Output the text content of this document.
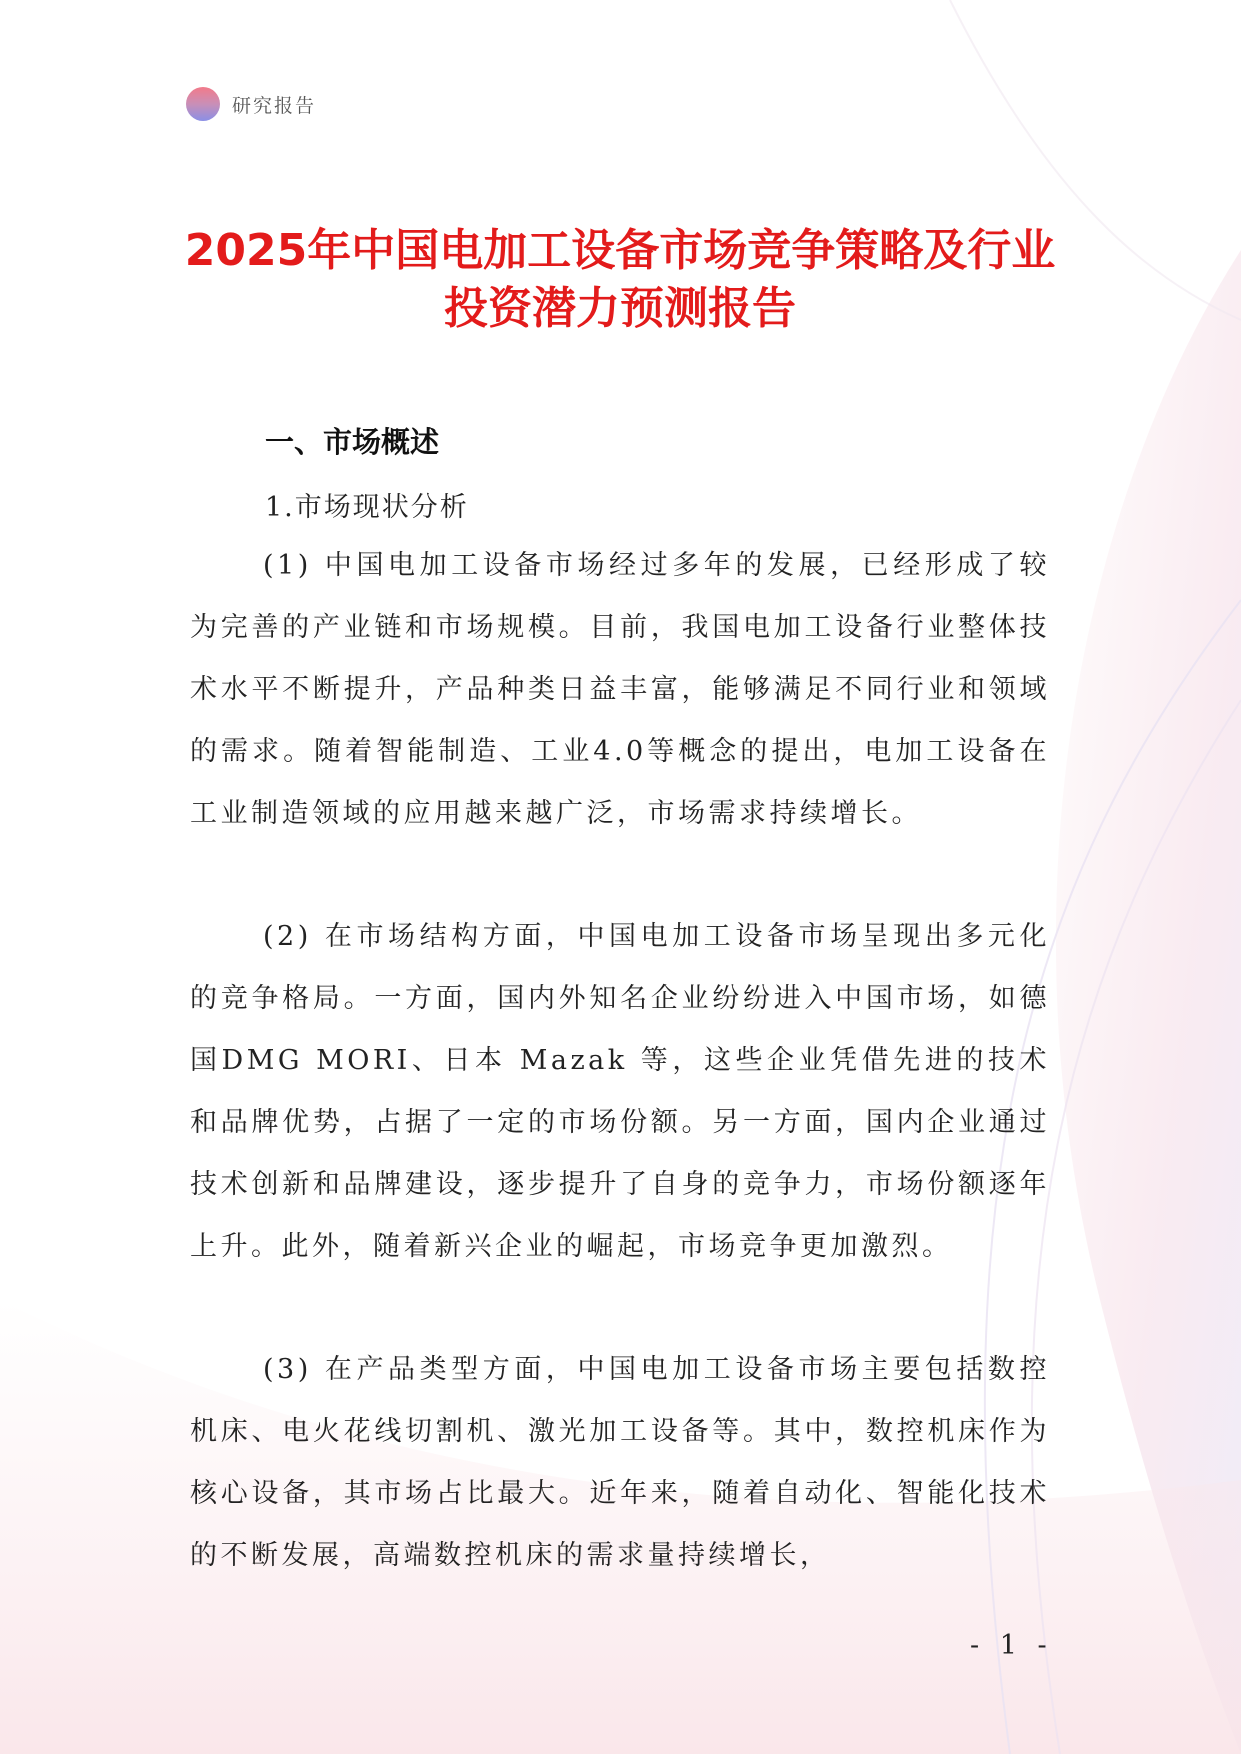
研究报告
2025年中国电加工设备市场竞争策略及行业投资潜力预测报告
一、市场概述
1.市场现状分析
(1) 中国电加工设备市场经过多年的发展，已经形成了较为完善的产业链和市场规模。目前，我国电加工设备行业整体技术水平不断提升，产品种类日益丰富，能够满足不同行业和领域的需求。随着智能制造、工业4.0等概念的提出，电加工设备在工业制造领域的应用越来越广泛，市场需求持续增长。
(2) 在市场结构方面，中国电加工设备市场呈现出多元化的竞争格局。一方面，国内外知名企业纷纷进入中国市场，如德国DMG MORI、日本 Mazak 等，这些企业凭借先进的技术和品牌优势，占据了一定的市场份额。另一方面，国内企业通过技术创新和品牌建设，逐步提升了自身的竞争力，市场份额逐年上升。此外，随着新兴企业的崛起，市场竞争更加激烈。
(3) 在产品类型方面，中国电加工设备市场主要包括数控机床、电火花线切割机、激光加工设备等。其中，数控机床作为核心设备，其市场占比最大。近年来，随着自动化、智能化技术的不断发展，高端数控机床的需求量持续增长，
- 1 -
